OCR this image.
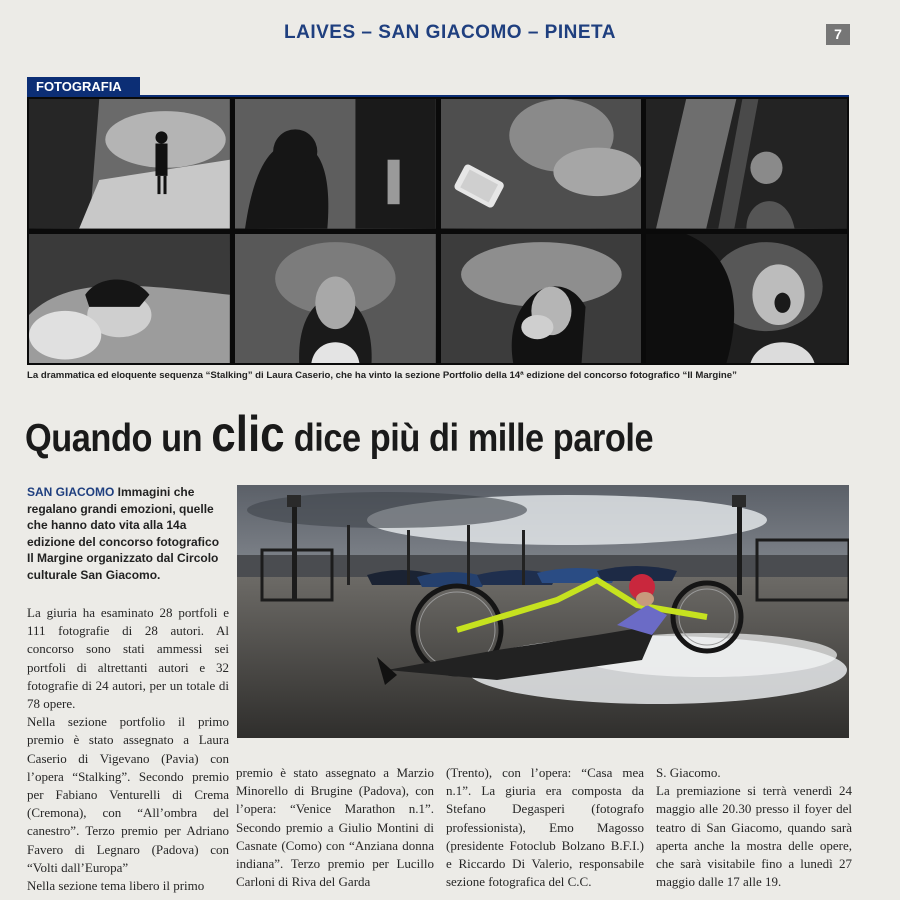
LAIVES – SAN GIACOMO – PINETA	7
FOTOGRAFIA
La drammatica ed eloquente sequenza “Stalking” di Laura Caserio, che ha vinto la sezione Portfolio della 14ª edizione del concorso fotografico “Il Margine”
Quando un clic dice più di mille parole
SAN GIACOMO Immagini che regalano grandi emozioni, quelle che hanno dato vita alla 14a edizione del concorso fotografico Il Margine organizzato dal Circolo culturale San Giacomo.

La giuria ha esaminato 28 portfoli e 111 fotografie di 28 autori. Al concorso sono stati ammessi sei portfoli di altrettanti autori e 32 fotografie di 24 autori, per un totale di 78 opere.

Nella sezione portfolio il primo premio è stato assegnato a Laura Caserio di Vigevano (Pavia) con l’opera “Stalking”. Secondo premio per Fabiano Venturelli di Crema (Cremona), con “All’ombra del canestro”. Terzo premio per Adriano Favero di Legnaro (Padova) con “Volti dall’Europa”

Nella sezione tema libero il primo

premio è stato assegnato a Marzio Minorello di Brugine (Padova), con l’opera: “Venice Marathon n.1”. Secondo premio a Giulio Montini di Casnate (Como) con “Anziana donna indiana”. Terzo premio per Lucillo Carloni di Riva del Garda

(Trento), con l’opera: “Casa mea n.1”. La giuria era composta da Stefano Degasperi (fotografo professionista), Emo Magosso (presidente Fotoclub Bolzano B.F.I.) e Riccardo Di Valerio, responsabile sezione fotografica del C.C.

S. Giacomo.

La premiazione si terrà venerdì 24 maggio alle 20.30 presso il foyer del teatro di San Giacomo, quando sarà aperta anche la mostra delle opere, che sarà visitabile fino a lunedì 27 maggio dalle 17 alle 19.
